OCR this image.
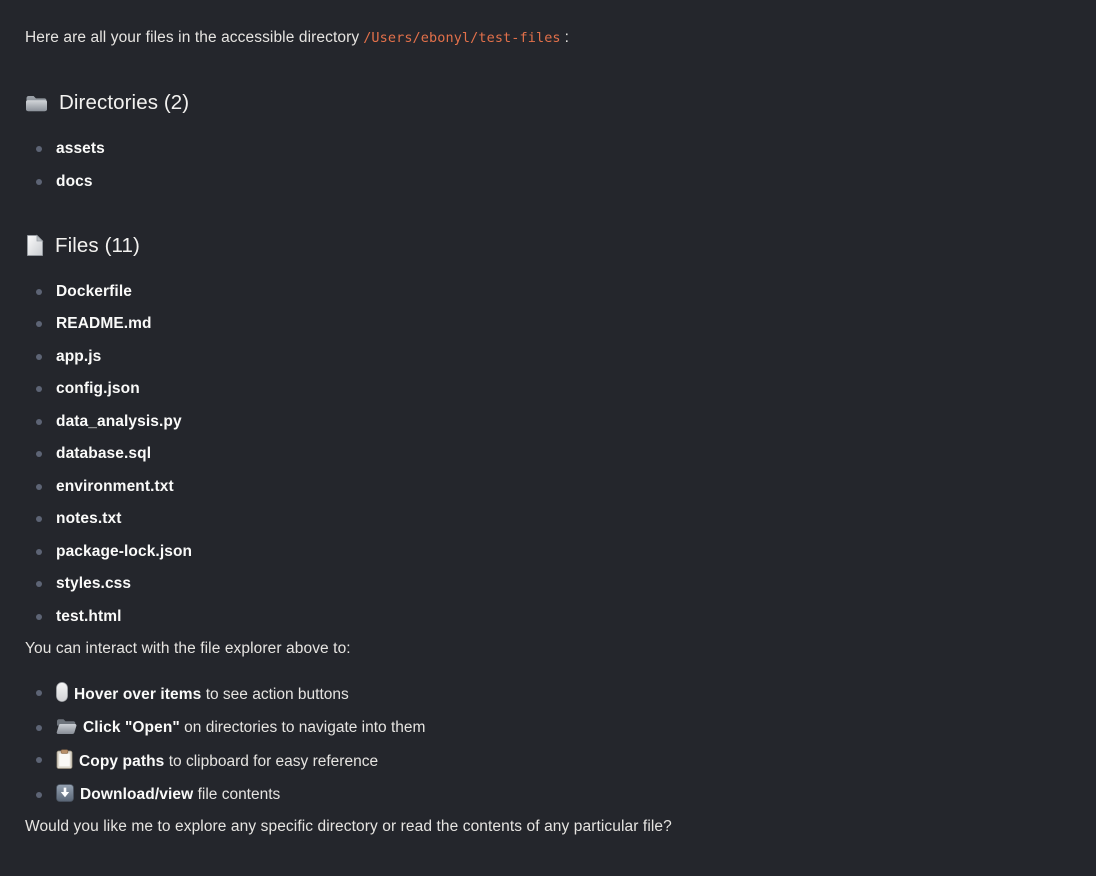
Here are all your files in the accessible directory /Users/ebonyl/test-files :

Directories (2)
assets
docs
Files (11)
Dockerfile
README.md
app.js
config.json
data_analysis.py
database.sql
environment.txt
notes.txt
package-lock.json
styles.css
test.html

You can interact with the file explorer above to:

Hover over items to see action buttons
Click "Open" on directories to navigate into them
Copy paths to clipboard for easy reference
Download/view file contents

Would you like me to explore any specific directory or read the contents of any particular file?
